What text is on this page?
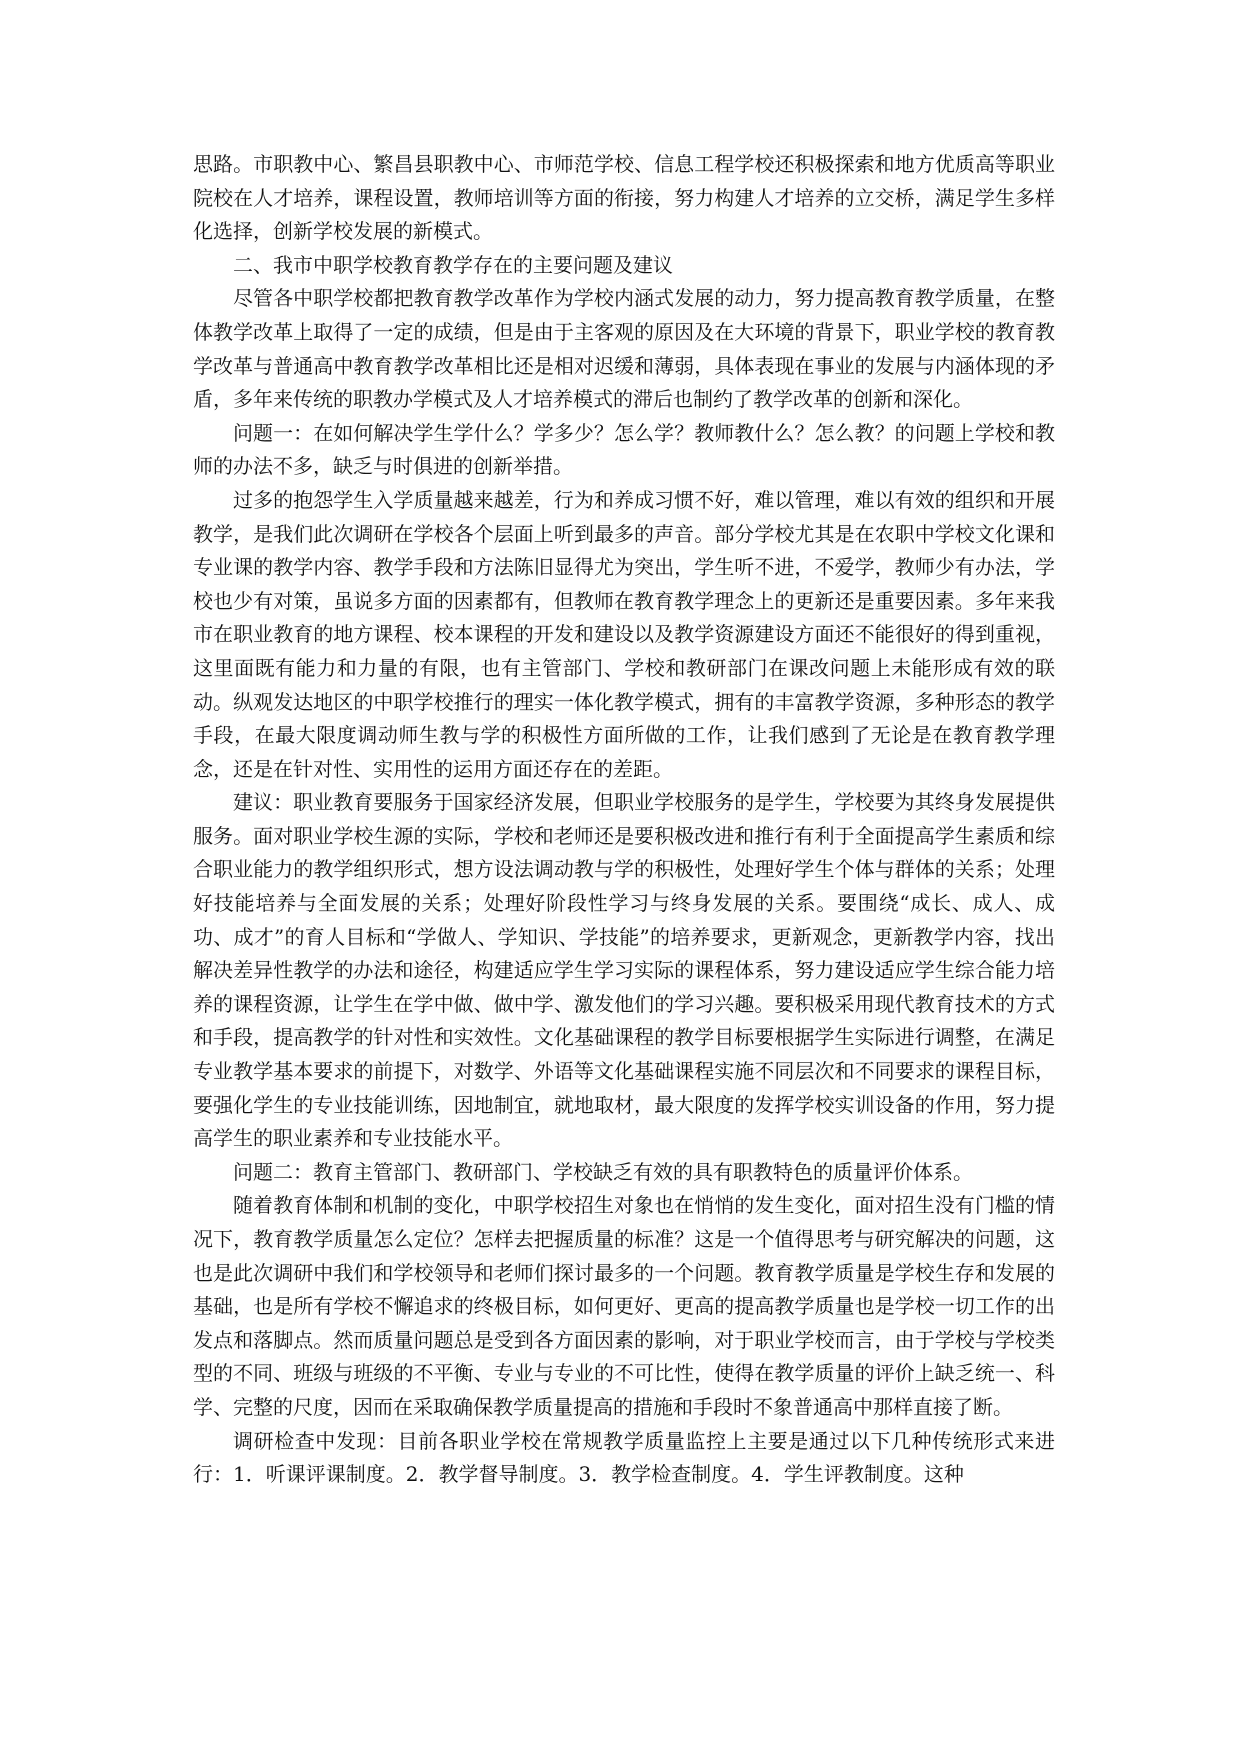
思路。市职教中心、繁昌县职教中心、市师范学校、信息工程学校还积极探索和地方优质高等职业院校在人才培养，课程设置，教师培训等方面的衔接，努力构建人才培养的立交桥，满足学生多样化选择，创新学校发展的新模式。

二、我市中职学校教育教学存在的主要问题及建议

尽管各中职学校都把教育教学改革作为学校内涵式发展的动力，努力提高教育教学质量，在整体教学改革上取得了一定的成绩，但是由于主客观的原因及在大环境的背景下，职业学校的教育教学改革与普通高中教育教学改革相比还是相对迟缓和薄弱，具体表现在事业的发展与内涵体现的矛盾，多年来传统的职教办学模式及人才培养模式的滞后也制约了教学改革的创新和深化。

问题一：在如何解决学生学什么？学多少？怎么学？教师教什么？怎么教？的问题上学校和教师的办法不多，缺乏与时俱进的创新举措。

过多的抱怨学生入学质量越来越差，行为和养成习惯不好，难以管理，难以有效的组织和开展教学，是我们此次调研在学校各个层面上听到最多的声音。部分学校尤其是在农职中学校文化课和专业课的教学内容、教学手段和方法陈旧显得尤为突出，学生听不进，不爱学，教师少有办法，学校也少有对策，虽说多方面的因素都有，但教师在教育教学理念上的更新还是重要因素。多年来我市在职业教育的地方课程、校本课程的开发和建设以及教学资源建设方面还不能很好的得到重视，这里面既有能力和力量的有限，也有主管部门、学校和教研部门在课改问题上未能形成有效的联动。纵观发达地区的中职学校推行的理实一体化教学模式，拥有的丰富教学资源，多种形态的教学手段，在最大限度调动师生教与学的积极性方面所做的工作，让我们感到了无论是在教育教学理念，还是在针对性、实用性的运用方面还存在的差距。

建议：职业教育要服务于国家经济发展，但职业学校服务的是学生，学校要为其终身发展提供服务。面对职业学校生源的实际，学校和老师还是要积极改进和推行有利于全面提高学生素质和综合职业能力的教学组织形式，想方设法调动教与学的积极性，处理好学生个体与群体的关系；处理好技能培养与全面发展的关系；处理好阶段性学习与终身发展的关系。要围绕“成长、成人、成功、成才”的育人目标和“学做人、学知识、学技能”的培养要求，更新观念，更新教学内容，找出解决差异性教学的办法和途径，构建适应学生学习实际的课程体系，努力建设适应学生综合能力培养的课程资源，让学生在学中做、做中学、激发他们的学习兴趣。要积极采用现代教育技术的方式和手段，提高教学的针对性和实效性。文化基础课程的教学目标要根据学生实际进行调整，在满足专业教学基本要求的前提下，对数学、外语等文化基础课程实施不同层次和不同要求的课程目标，要强化学生的专业技能训练，因地制宜，就地取材，最大限度的发挥学校实训设备的作用，努力提高学生的职业素养和专业技能水平。

问题二：教育主管部门、教研部门、学校缺乏有效的具有职教特色的质量评价体系。

随着教育体制和机制的变化，中职学校招生对象也在悄悄的发生变化，面对招生没有门槛的情况下，教育教学质量怎么定位？怎样去把握质量的标准？这是一个值得思考与研究解决的问题，这也是此次调研中我们和学校领导和老师们探讨最多的一个问题。教育教学质量是学校生存和发展的基础，也是所有学校不懈追求的终极目标，如何更好、更高的提高教学质量也是学校一切工作的出发点和落脚点。然而质量问题总是受到各方面因素的影响，对于职业学校而言，由于学校与学校类型的不同、班级与班级的不平衡、专业与专业的不可比性，使得在教学质量的评价上缺乏统一、科学、完整的尺度，因而在采取确保教学质量提高的措施和手段时不象普通高中那样直接了断。

调研检查中发现：目前各职业学校在常规教学质量监控上主要是通过以下几种传统形式来进行：1．听课评课制度。2．教学督导制度。3．教学检查制度。4．学生评教制度。这种
